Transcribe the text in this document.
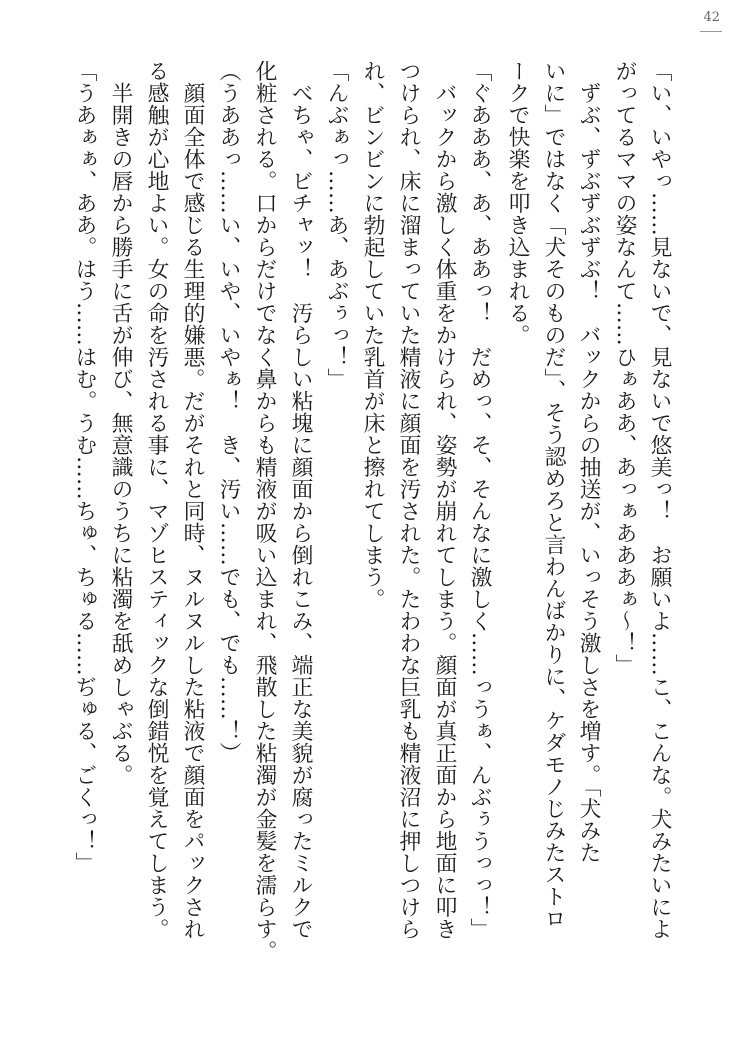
42
「い、いやっ……見ないで、見ないで悠美っ！　お願いよ……こ、こんな。犬みたいによ
がってるママの姿なんて……ひぁああ、あっぁあああぁ～！」
　ずぶ、ずぶずぶずぶ！　バックからの抽送が、いっそう激しさを増す。「犬みた
いに」ではなく「犬そのものだ」、そう認めろと言わんばかりに、ケダモノじみたストロ
ークで快楽を叩き込まれる。
「ぐあああ、あ、ああっ！　だめっ、そ、そんなに激しく……っうぁ、んぶぅうっっ！」
　バックから激しく体重をかけられ、姿勢が崩れてしまう。顔面が真正面から地面に叩き
つけられ、床に溜まっていた精液に顔面を汚された。たわわな巨乳も精液沼に押しつけら
れ、ビンビンに勃起していた乳首が床と擦れてしまう。
「んぶぁっ……あ、あぶぅっ！」
　べちゃ、ビチャッ！　汚らしい粘塊に顔面から倒れこみ、端正な美貌が腐ったミルクで
化粧される。口からだけでなく鼻からも精液が吸い込まれ、飛散した粘濁が金髪を濡らす。
（うああっ……い、いや、いやぁ！　き、汚い……でも、でも……！）
　顔面全体で感じる生理的嫌悪。だがそれと同時、ヌルヌルした粘液で顔面をパックされ
る感触が心地よい。女の命を汚される事に、マゾヒスティックな倒錯悦を覚えてしまう。
　半開きの唇から勝手に舌が伸び、無意識のうちに粘濁を舐めしゃぶる。
「うあぁぁ、ああ。はう……はむ。うむ……ちゅ、ちゅる……ぢゅる、ごくっ！」
